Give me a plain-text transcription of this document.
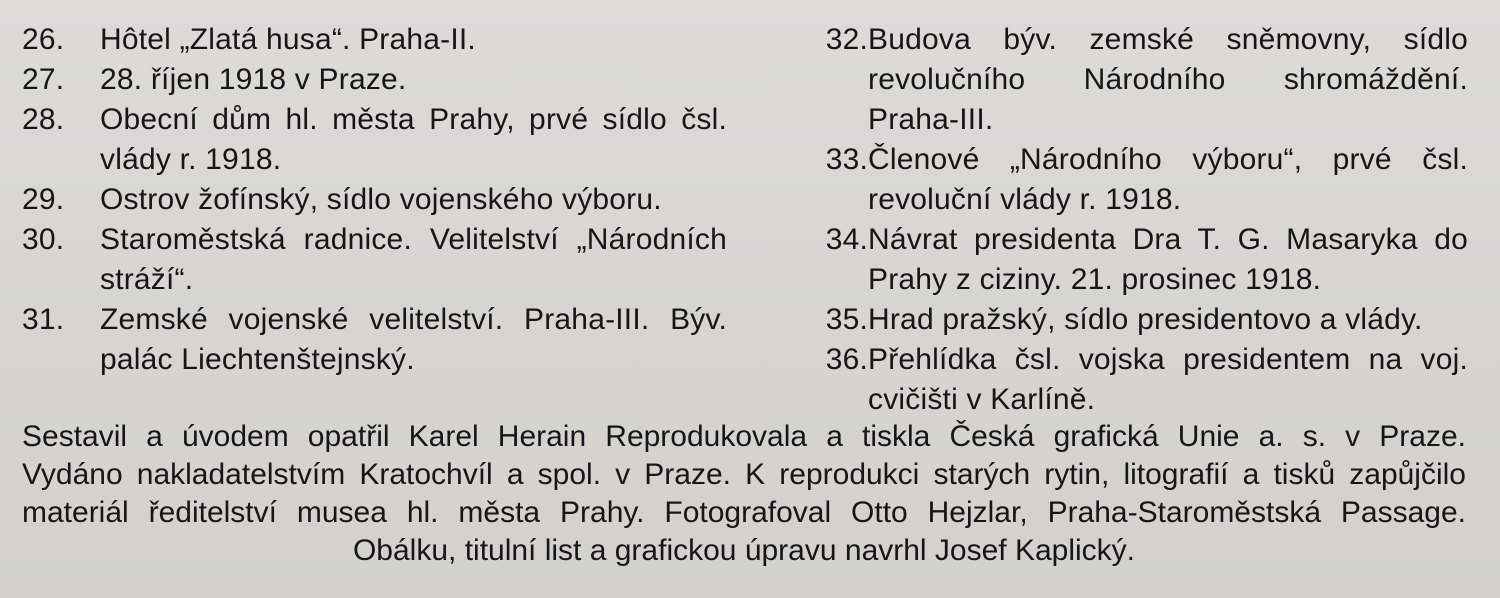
26.	Hôtel „Zlatá husa“. Praha-II.
27.	28. říjen 1918 v Praze.
28.	Obecní dům hl. města Prahy, prvé sídlo čsl. vlády r. 1918.
29.	Ostrov žofínský, sídlo vojenského výboru.
30.	Staroměstská radnice. Velitelství „Národních stráží“.
31.	Zemské vojenské velitelství. Praha-III. Býv. palác Liechtenštejnský.
32. Budova býv. zemské sněmovny, sídlo revolučního Národního shromáždění. Praha-III.
33. Členové „Národního výboru“, prvé čsl. revoluční vlády r. 1918.
34. Návrat presidenta Dra T. G. Masaryka do Prahy z ciziny. 21. prosinec 1918.
35. Hrad pražský, sídlo presidentovo a vlády.
36. Přehlídka čsl. vojska presidentem na voj. cvičišti v Karlíně.
Sestavil a úvodem opatřil Karel Herain Reprodukovala a tiskla Česká grafická Unie a. s. v Praze.
Vydáno nakladatelstvím Kratochvíl a spol. v Praze. K reprodukci starých rytin, litografií a tisků zapůjčilo
materiál ředitelství musea hl. města Prahy. Fotografoval Otto Hejzlar, Praha-Staroměstská Passage.
Obálku, titulní list a grafickou úpravu navrhl Josef Kaplický.
